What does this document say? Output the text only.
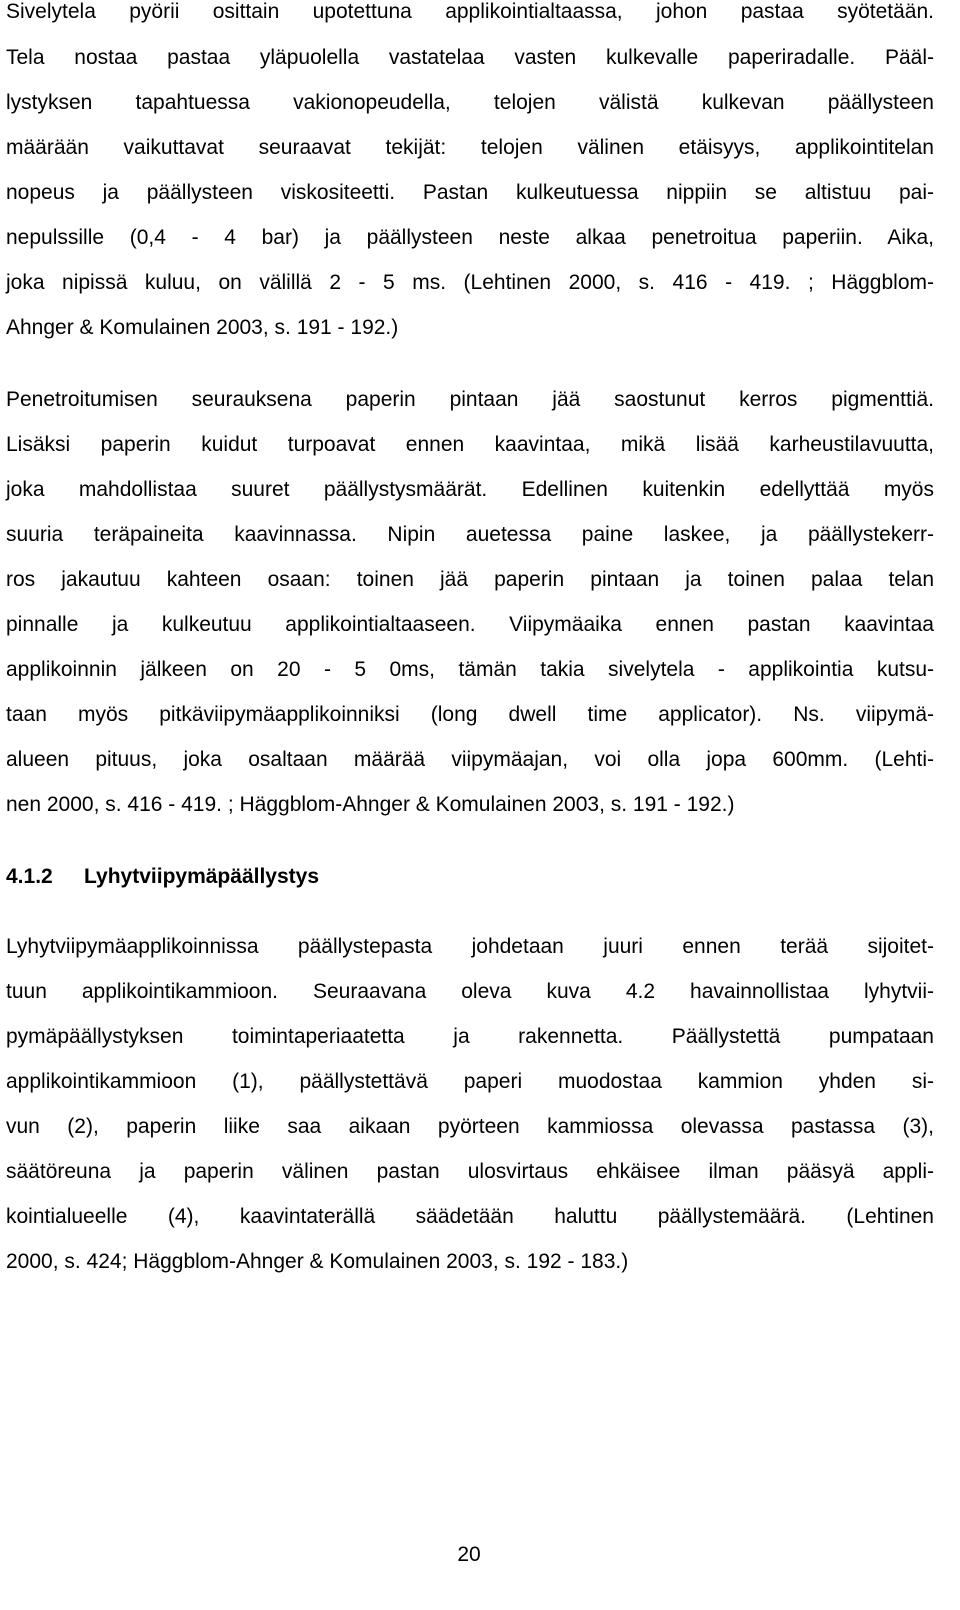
Sivelytela pyörii osittain upotettuna applikointialtaassa, johon pastaa syötetään.
Tela nostaa pastaa yläpuolella vastatelaa vasten kulkevalle paperiradalle. Pääl-
lystyksen tapahtuessa vakionopeudella, telojen välistä kulkevan päällysteen
määrään vaikuttavat seuraavat tekijät: telojen välinen etäisyys, applikointitelan
nopeus ja päällysteen viskositeetti. Pastan kulkeutuessa nippiin se altistuu pai-
nepulssille (0,4 - 4 bar) ja päällysteen neste alkaa penetroitua paperiin. Aika,
joka nipissä kuluu, on välillä 2 - 5 ms. (Lehtinen 2000, s. 416 - 419. ; Häggblom-
Ahnger & Komulainen 2003, s. 191 - 192.)
Penetroitumisen seurauksena paperin pintaan jää saostunut kerros pigmenttiä.
Lisäksi paperin kuidut turpoavat ennen kaavintaa, mikä lisää karheustilavuutta,
joka mahdollistaa suuret päällystysmäärät. Edellinen kuitenkin edellyttää myös
suuria teräpaineita kaavinnassa. Nipin auetessa paine laskee, ja päällystekerr-
ros jakautuu kahteen osaan: toinen jää paperin pintaan ja toinen palaa telan
pinnalle ja kulkeutuu applikointialtaaseen. Viipymäaika ennen pastan kaavintaa
applikoinnin jälkeen on 20 - 5 0ms, tämän takia sivelytela - applikointia kutsu-
taan myös pitkäviipymäapplikoinniksi (long dwell time applicator). Ns. viipymä-
alueen pituus, joka osaltaan määrää viipymäajan, voi olla jopa 600mm. (Lehti-
nen 2000, s. 416 - 419. ; Häggblom-Ahnger & Komulainen 2003, s. 191 - 192.)
4.1.2 Lyhytviipymäpäällystys
Lyhytviipymäapplikoinnissa päällystepasta johdetaan juuri ennen terää sijoitet-
tuun applikointikammioon. Seuraavana oleva kuva 4.2 havainnollistaa lyhytvii-
pymäpäällystyksen toimintaperiaatetta ja rakennetta. Päällystettä pumpataan
applikointikammioon (1), päällystettävä paperi muodostaa kammion yhden si-
vun (2), paperin liike saa aikaan pyörteen kammiossa olevassa pastassa (3),
säätöreuna ja paperin välinen pastan ulosvirtaus ehkäisee ilman pääsyä appli-
kointialueelle (4), kaavintaterällä säädetään haluttu päällystemäärä. (Lehtinen
2000, s. 424; Häggblom-Ahnger & Komulainen 2003, s. 192 - 183.)
20
